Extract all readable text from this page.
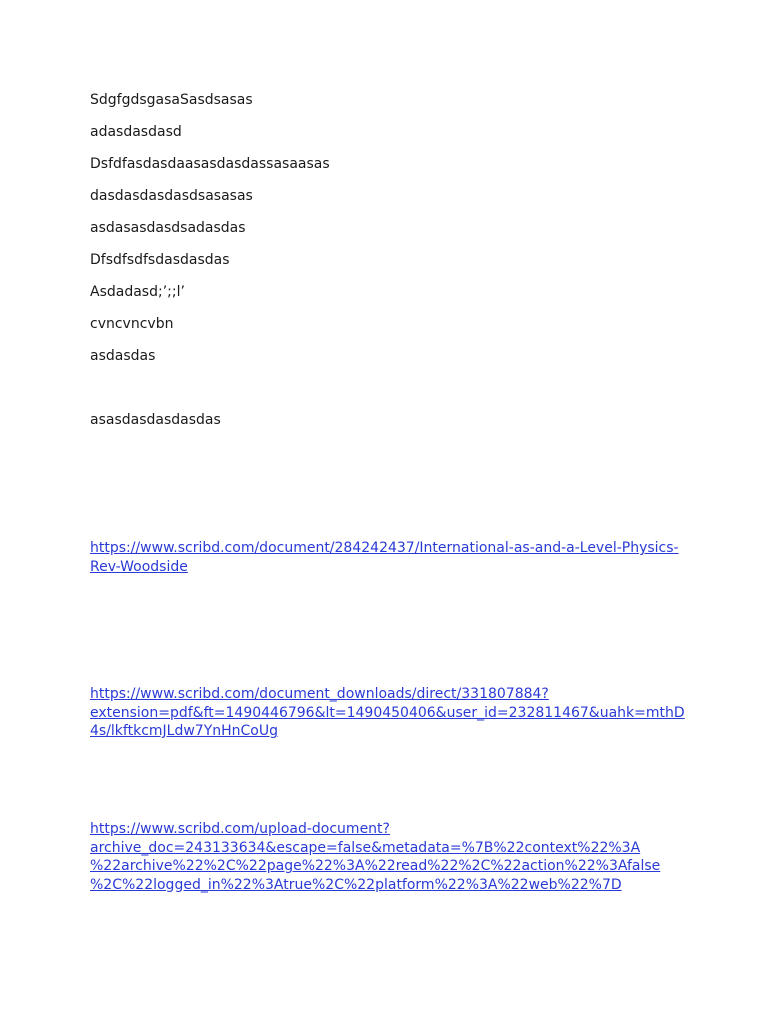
SdgfgdsgasaSasdsasas

adasdasdasd

Dsfdfasdasdaasasdasdassasaasas

dasdasdasdasdsasasas

asdasasdasdsadasdas

Dfsdfsdfsdasdasdas

Asdadasd;’;;l’

cvncvncvbn

asdasdas

asasdasdasdasdas

https://www.scribd.com/document/284242437/International-as-and-a-Level-Physics-
Rev-Woodside
https://www.scribd.com/document_downloads/direct/331807884?
extension=pdf&ft=1490446796&lt=1490450406&user_id=232811467&uahk=mthD
4s/lkftkcmJLdw7YnHnCoUg
https://www.scribd.com/upload-document?
archive_doc=243133634&escape=false&metadata=%7B%22context%22%3A
%22archive%22%2C%22page%22%3A%22read%22%2C%22action%22%3Afalse
%2C%22logged_in%22%3Atrue%2C%22platform%22%3A%22web%22%7D
